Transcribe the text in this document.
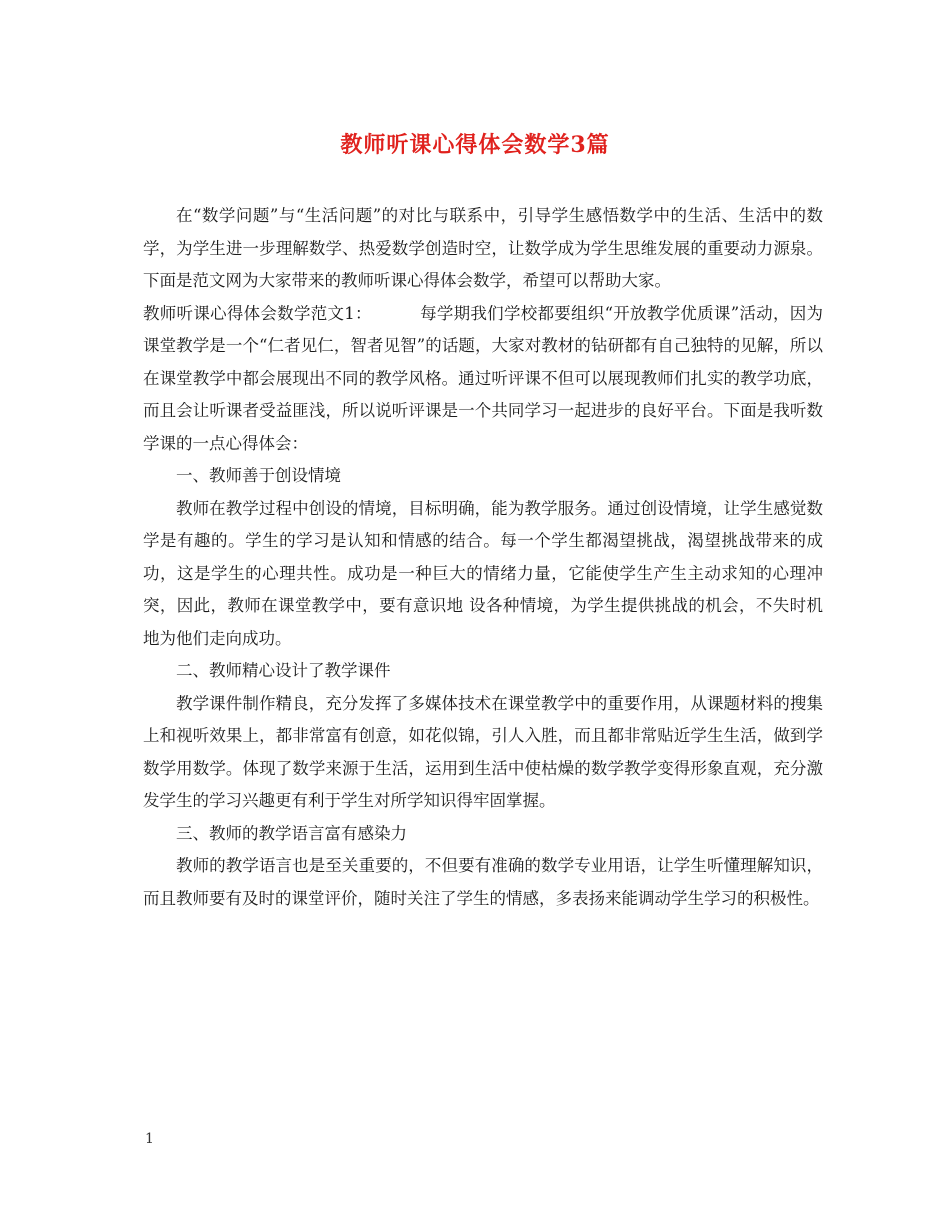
教师听课心得体会数学3篇

在“数学问题”与“生活问题”的对比与联系中，引导学生感悟数学中的生活、生活中的数学，为学生进一步理解数学、热爱数学创造时空，让数学成为学生思维发展的重要动力源泉。下面是范文网为大家带来的教师听课心得体会数学，希望可以帮助大家。

教师听课心得体会数学范文1：	每学期我们学校都要组织“开放教学优质课”活动，因为课堂教学是一个“仁者见仁，智者见智”的话题，大家对教材的钻研都有自己独特的见解，所以在课堂教学中都会展现出不同的教学风格。通过听评课不但可以展现教师们扎实的教学功底，而且会让听课者受益匪浅，所以说听评课是一个共同学习一起进步的良好平台。下面是我听数学课的一点心得体会：

一、教师善于创设情境

教师在教学过程中创设的情境，目标明确，能为教学服务。通过创设情境，让学生感觉数学是有趣的。学生的学习是认知和情感的结合。每一个学生都渴望挑战，渴望挑战带来的成功，这是学生的心理共性。成功是一种巨大的情绪力量，它能使学生产生主动求知的心理冲突，因此，教师在课堂教学中，要有意识地 设各种情境，为学生提供挑战的机会，不失时机地为他们走向成功。

二、教师精心设计了教学课件

教学课件制作精良，充分发挥了多媒体技术在课堂教学中的重要作用，从课题材料的搜集上和视听效果上，都非常富有创意，如花似锦，引人入胜，而且都非常贴近学生生活，做到学数学用数学。体现了数学来源于生活，运用到生活中使枯燥的数学教学变得形象直观，充分激发学生的学习兴趣更有利于学生对所学知识得牢固掌握。

三、教师的教学语言富有感染力

教师的教学语言也是至关重要的，不但要有准确的数学专业用语，让学生听懂理解知识，而且教师要有及时的课堂评价，随时关注了学生的情感，多表扬来能调动学生学习的积极性。

1
